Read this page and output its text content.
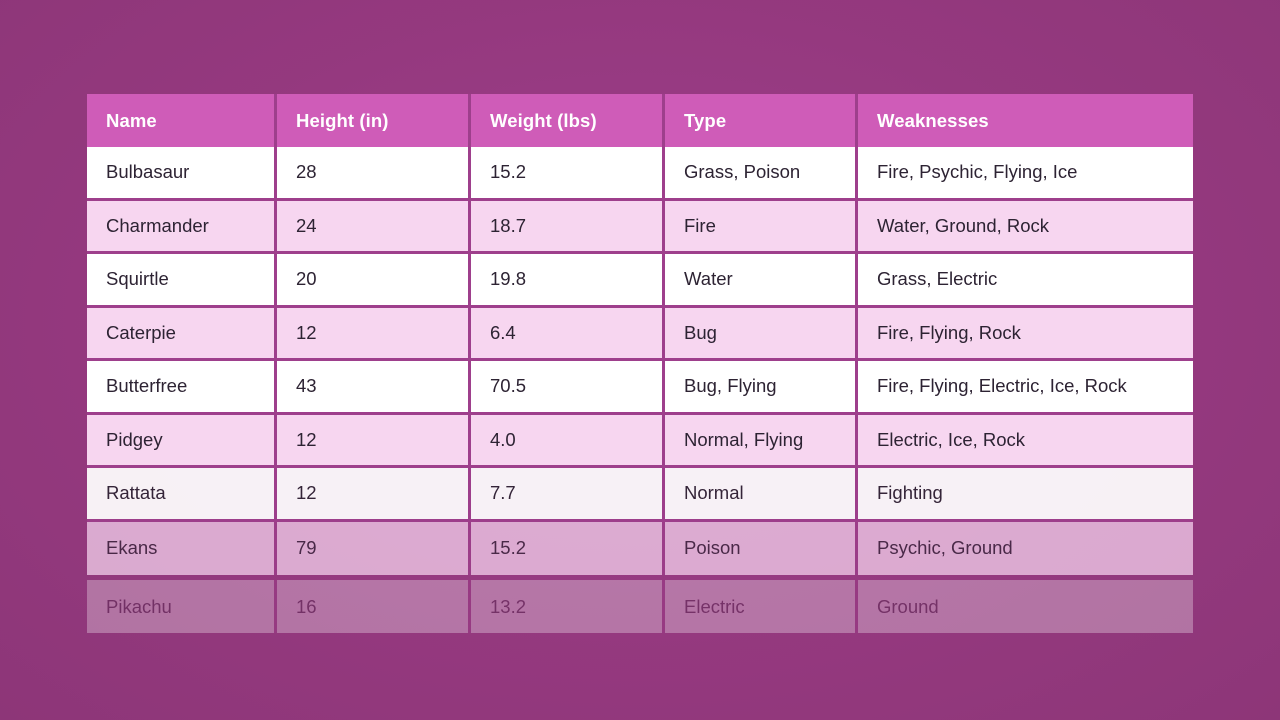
Name	Height (in)	Weight (lbs)	Type	Weaknesses
Bulbasaur	28	15.2	Grass, Poison	Fire, Psychic, Flying, Ice
Charmander	24	18.7	Fire	Water, Ground, Rock
Squirtle	20	19.8	Water	Grass, Electric
Caterpie	12	6.4	Bug	Fire, Flying, Rock
Butterfree	43	70.5	Bug, Flying	Fire, Flying, Electric, Ice, Rock
Pidgey	12	4.0	Normal, Flying	Electric, Ice, Rock
Rattata	12	7.7	Normal	Fighting
Ekans	79	15.2	Poison	Psychic, Ground
Pikachu	16	13.2	Electric	Ground
